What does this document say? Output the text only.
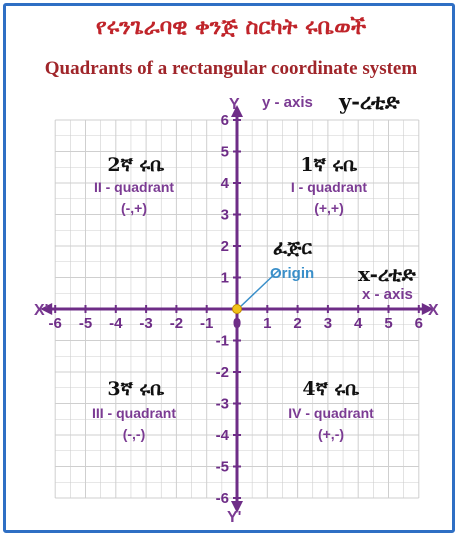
የሩንጌራባዊ ቀንጅ ስርካት ሩቤወች
Quadrants of a rectangular coordinate system
-6 -5 -4 -3 -2 -1 0 1 2 3 4 5 6
-6
-5
-4
-3
-2
-1
1
2
3
4
5
6
Y
Y'
X
X'
y - axis y-ረቲድ
x-ረቲድ
x - axis
ፈጅር
Origin
1ኛ ሩቤ
I - quadrant
(+,+)
2ኛ ሩቤ
II - quadrant
(-,+)
3ኛ ሩቤ
III - quadrant
(-,-)
4ኛ ሩቤ
IV - quadrant
(+,-)
